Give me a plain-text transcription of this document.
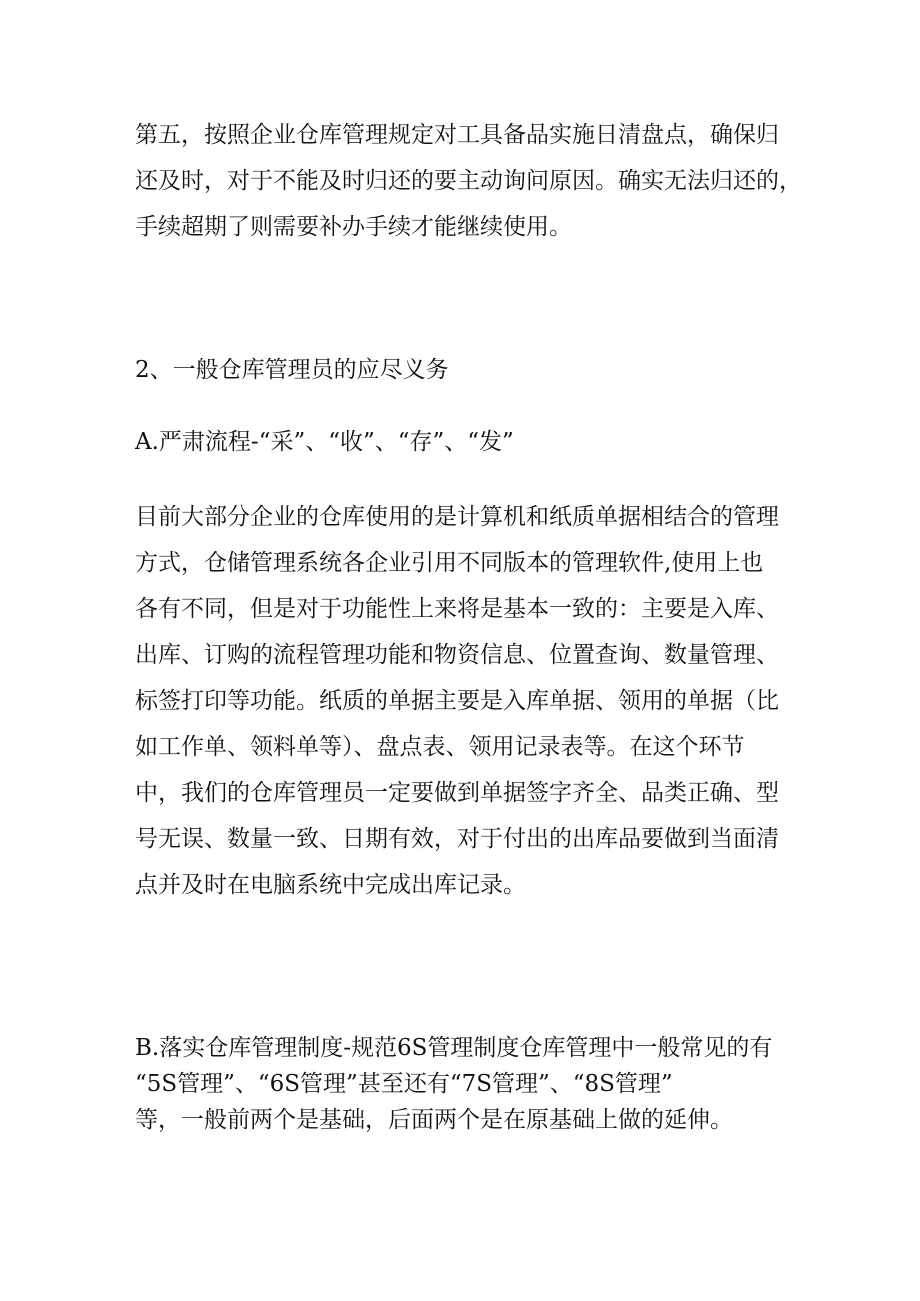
第五，按照企业仓库管理规定对工具备品实施日清盘点，确保归
还及时，对于不能及时归还的要主动询问原因。确实无法归还的，
手续超期了则需要补办手续才能继续使用。
2、一般仓库管理员的应尽义务
A.严肃流程-“采”、“收”、“存”、“发”
目前大部分企业的仓库使用的是计算机和纸质单据相结合的管理
方式，仓储管理系统各企业引用不同版本的管理软件,使用上也
各有不同，但是对于功能性上来将是基本一致的：主要是入库、
出库、订购的流程管理功能和物资信息、位置查询、数量管理、
标签打印等功能。纸质的单据主要是入库单据、领用的单据（比
如工作单、领料单等）、盘点表、领用记录表等。在这个环节
中，我们的仓库管理员一定要做到单据签字齐全、品类正确、型
号无误、数量一致、日期有效，对于付出的出库品要做到当面清
点并及时在电脑系统中完成出库记录。
B.落实仓库管理制度-规范6S管理制度仓库管理中一般常见的有
“5S管理”、“6S管理”甚至还有“7S管理”、“8S管理”
等，一般前两个是基础，后面两个是在原基础上做的延伸。
